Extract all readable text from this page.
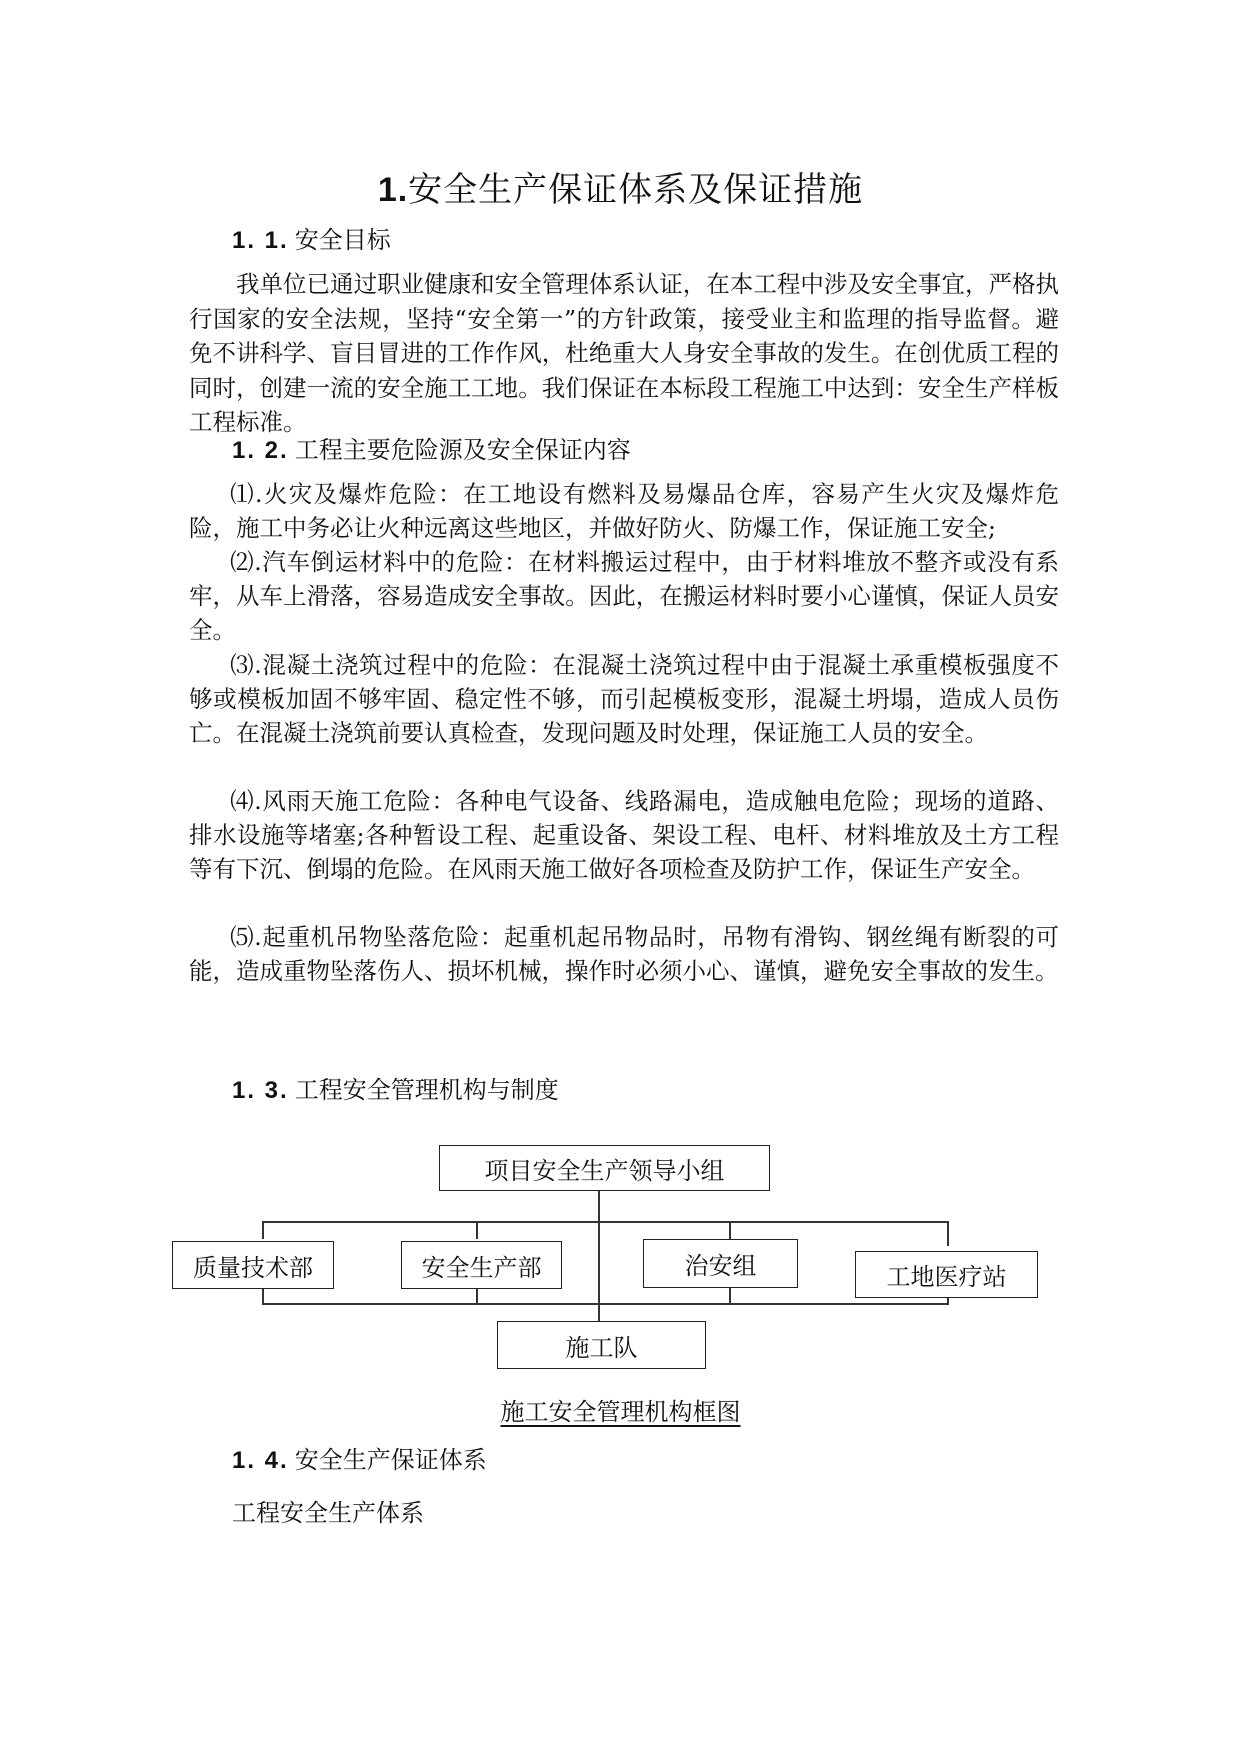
1.安全生产保证体系及保证措施
1. 1. 安全目标

我单位已通过职业健康和安全管理体系认证，在本工程中涉及安全事宜，严格执行国家的安全法规，坚持“安全第一”的方针政策，接受业主和监理的指导监督。避免不讲科学、盲目冒进的工作作风，杜绝重大人身安全事故的发生。在创优质工程的同时，创建一流的安全施工工地。我们保证在本标段工程施工中达到：安全生产样板工程标准。

1. 2. 工程主要危险源及安全保证内容

⑴.火灾及爆炸危险：在工地设有燃料及易爆品仓库，容易产生火灾及爆炸危险，施工中务必让火种远离这些地区，并做好防火、防爆工作，保证施工安全;

⑵.汽车倒运材料中的危险：在材料搬运过程中，由于材料堆放不整齐或没有系牢，从车上滑落，容易造成安全事故。因此，在搬运材料时要小心谨慎，保证人员安全。

⑶.混凝土浇筑过程中的危险：在混凝土浇筑过程中由于混凝土承重模板强度不够或模板加固不够牢固、稳定性不够，而引起模板变形，混凝土坍塌，造成人员伤亡。在混凝土浇筑前要认真检查，发现问题及时处理，保证施工人员的安全。

⑷.风雨天施工危险：各种电气设备、线路漏电，造成触电危险；现场的道路、排水设施等堵塞;各种暂设工程、起重设备、架设工程、电杆、材料堆放及土方工程等有下沉、倒塌的危险。在风雨天施工做好各项检查及防护工作，保证生产安全。

⑸.起重机吊物坠落危险：起重机起吊物品时，吊物有滑钩、钢丝绳有断裂的可能，造成重物坠落伤人、损坏机械，操作时必须小心、谨慎，避免安全事故的发生。

1. 3. 工程安全管理机构与制度
项目安全生产领导小组
质量技术部	安全生产部	治安组	工地医疗站
施工队
施工安全管理机构框图
1. 4. 安全生产保证体系
工程安全生产体系
